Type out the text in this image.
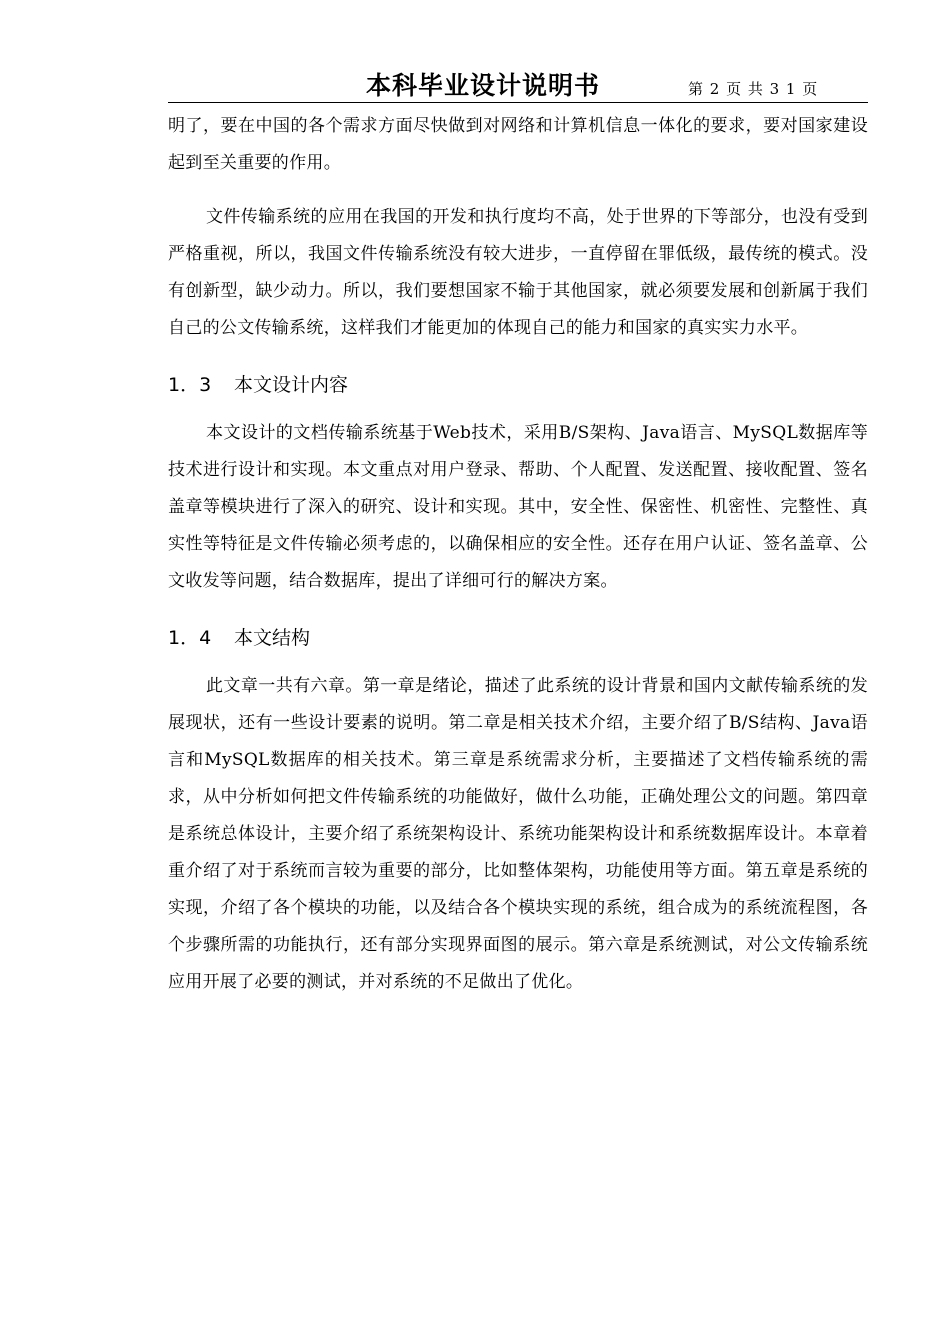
本科毕业设计说明书	第 2 页 共 3 1 页

明了，要在中国的各个需求方面尽快做到对网络和计算机信息一体化的要求，要对国家建设起到至关重要的作用。

文件传输系统的应用在我国的开发和执行度均不高，处于世界的下等部分，也没有受到严格重视，所以，我国文件传输系统没有较大进步，一直停留在罪低级，最传统的模式。没有创新型，缺少动力。所以，我们要想国家不输于其他国家，就必须要发展和创新属于我们自己的公文传输系统，这样我们才能更加的体现自己的能力和国家的真实实力水平。

1．3 本文设计内容

本文设计的文档传输系统基于Web技术，采用B/S架构、Java语言、MySQL数据库等技术进行设计和实现。本文重点对用户登录、帮助、个人配置、发送配置、接收配置、签名盖章等模块进行了深入的研究、设计和实现。其中，安全性、保密性、机密性、完整性、真实性等特征是文件传输必须考虑的，以确保相应的安全性。还存在用户认证、签名盖章、公文收发等问题，结合数据库，提出了详细可行的解决方案。

1．4 本文结构

此文章一共有六章。第一章是绪论，描述了此系统的设计背景和国内文献传输系统的发展现状，还有一些设计要素的说明。第二章是相关技术介绍，主要介绍了B/S结构、Java语言和MySQL数据库的相关技术。第三章是系统需求分析，主要描述了文档传输系统的需求，从中分析如何把文件传输系统的功能做好，做什么功能，正确处理公文的问题。第四章是系统总体设计，主要介绍了系统架构设计、系统功能架构设计和系统数据库设计。本章着重介绍了对于系统而言较为重要的部分，比如整体架构，功能使用等方面。第五章是系统的实现，介绍了各个模块的功能，以及结合各个模块实现的系统，组合成为的系统流程图，各个步骤所需的功能执行，还有部分实现界面图的展示。第六章是系统测试，对公文传输系统应用开展了必要的测试，并对系统的不足做出了优化。
